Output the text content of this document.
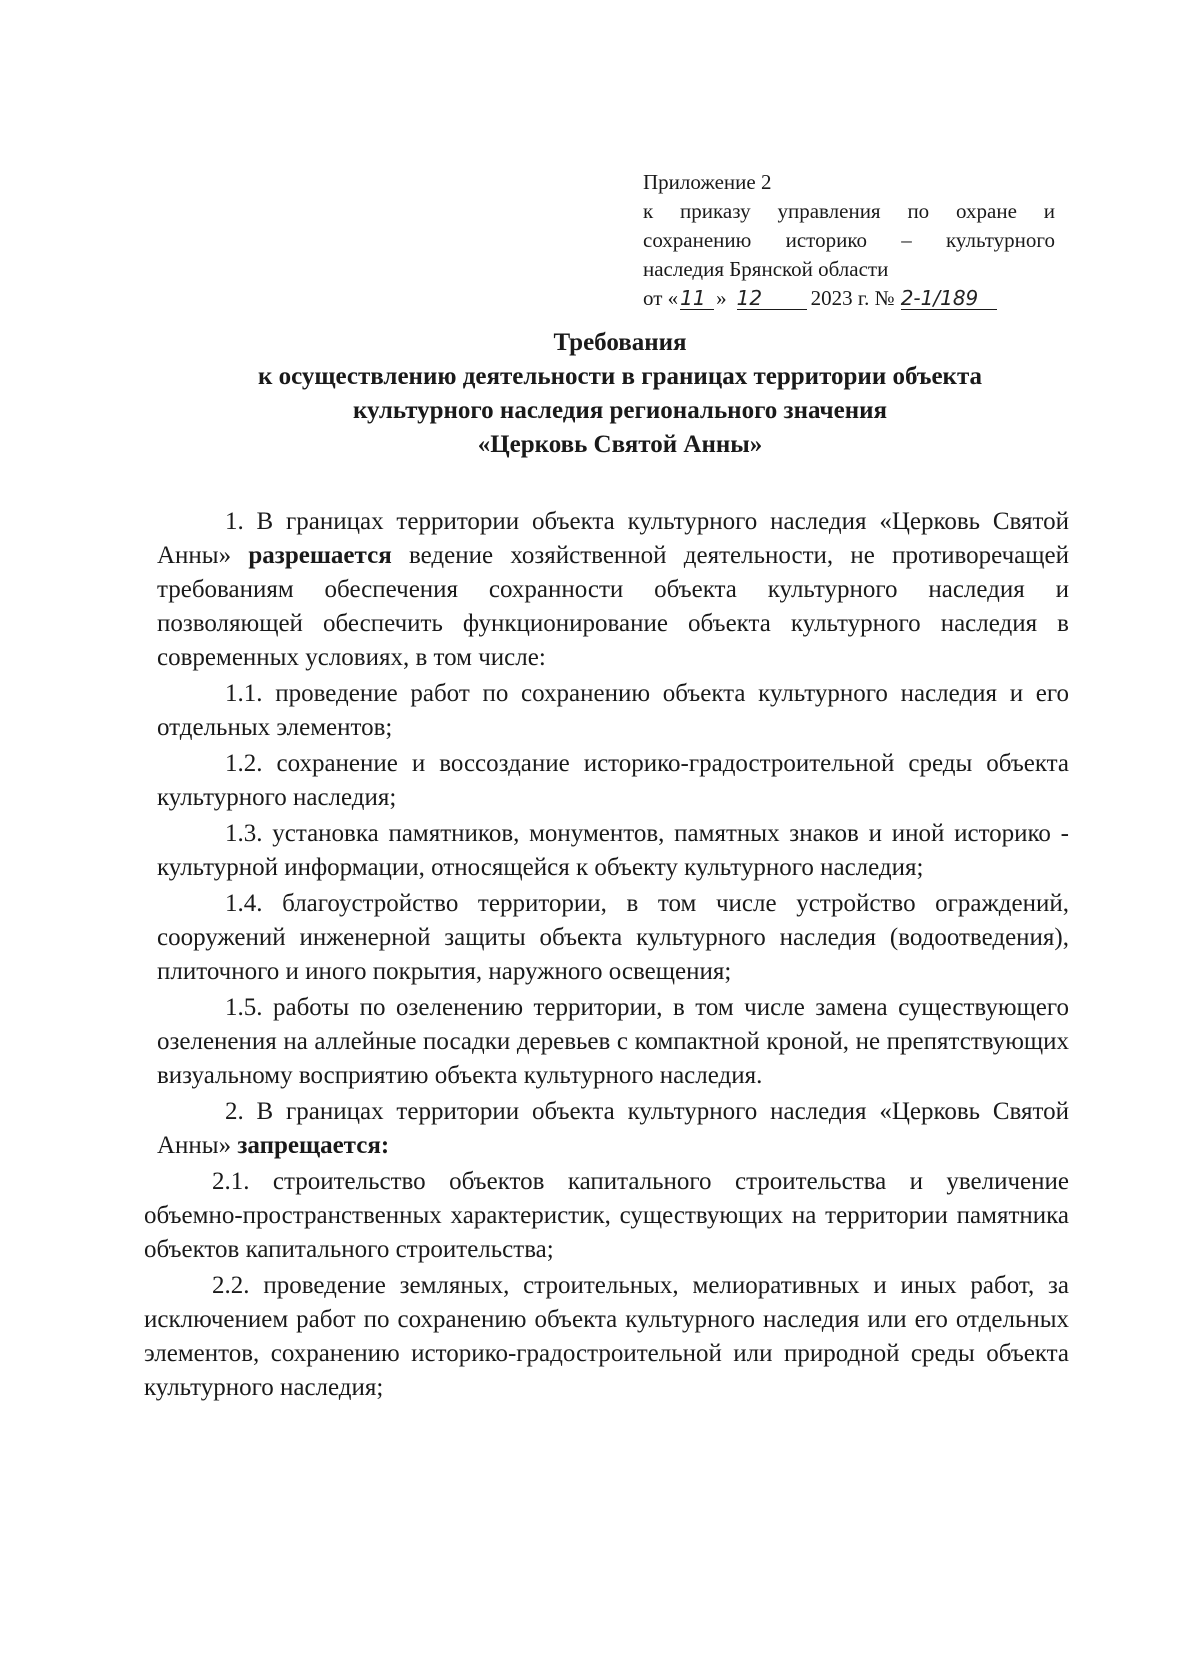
Приложение 2
к приказу управления по охране и
сохранению историко – культурного
наследия Брянской области
от « 11 » 12	2023 г. № 2-1/189
Требования
к осуществлению деятельности в границах территории объекта
культурного наследия регионального значения
«Церковь Святой Анны»

1. В границах территории объекта культурного наследия «Церковь Святой Анны» разрешается ведение хозяйственной деятельности, не противоречащей требованиям обеспечения сохранности объекта культурного наследия и позволяющей обеспечить функционирование объекта культурного наследия в современных условиях, в том числе:

1.1. проведение работ по сохранению объекта культурного наследия и его отдельных элементов;

1.2. сохранение и воссоздание историко-градостроительной среды объекта культурного наследия;

1.3. установка памятников, монументов, памятных знаков и иной историко - культурной информации, относящейся к объекту культурного наследия;

1.4. благоустройство территории, в том числе устройство ограждений, сооружений инженерной защиты объекта культурного наследия (водоотведения), плиточного и иного покрытия, наружного освещения;

1.5. работы по озеленению территории, в том числе замена существующего озеленения на аллейные посадки деревьев с компактной кроной, не препятствующих визуальному восприятию объекта культурного наследия.

2. В границах территории объекта культурного наследия «Церковь Святой Анны» запрещается:

2.1. строительство объектов капитального строительства и увеличение объемно-пространственных характеристик, существующих на территории памятника объектов капитального строительства;

2.2. проведение земляных, строительных, мелиоративных и иных работ, за исключением работ по сохранению объекта культурного наследия или его отдельных элементов, сохранению историко-градостроительной или природной среды объекта культурного наследия;
